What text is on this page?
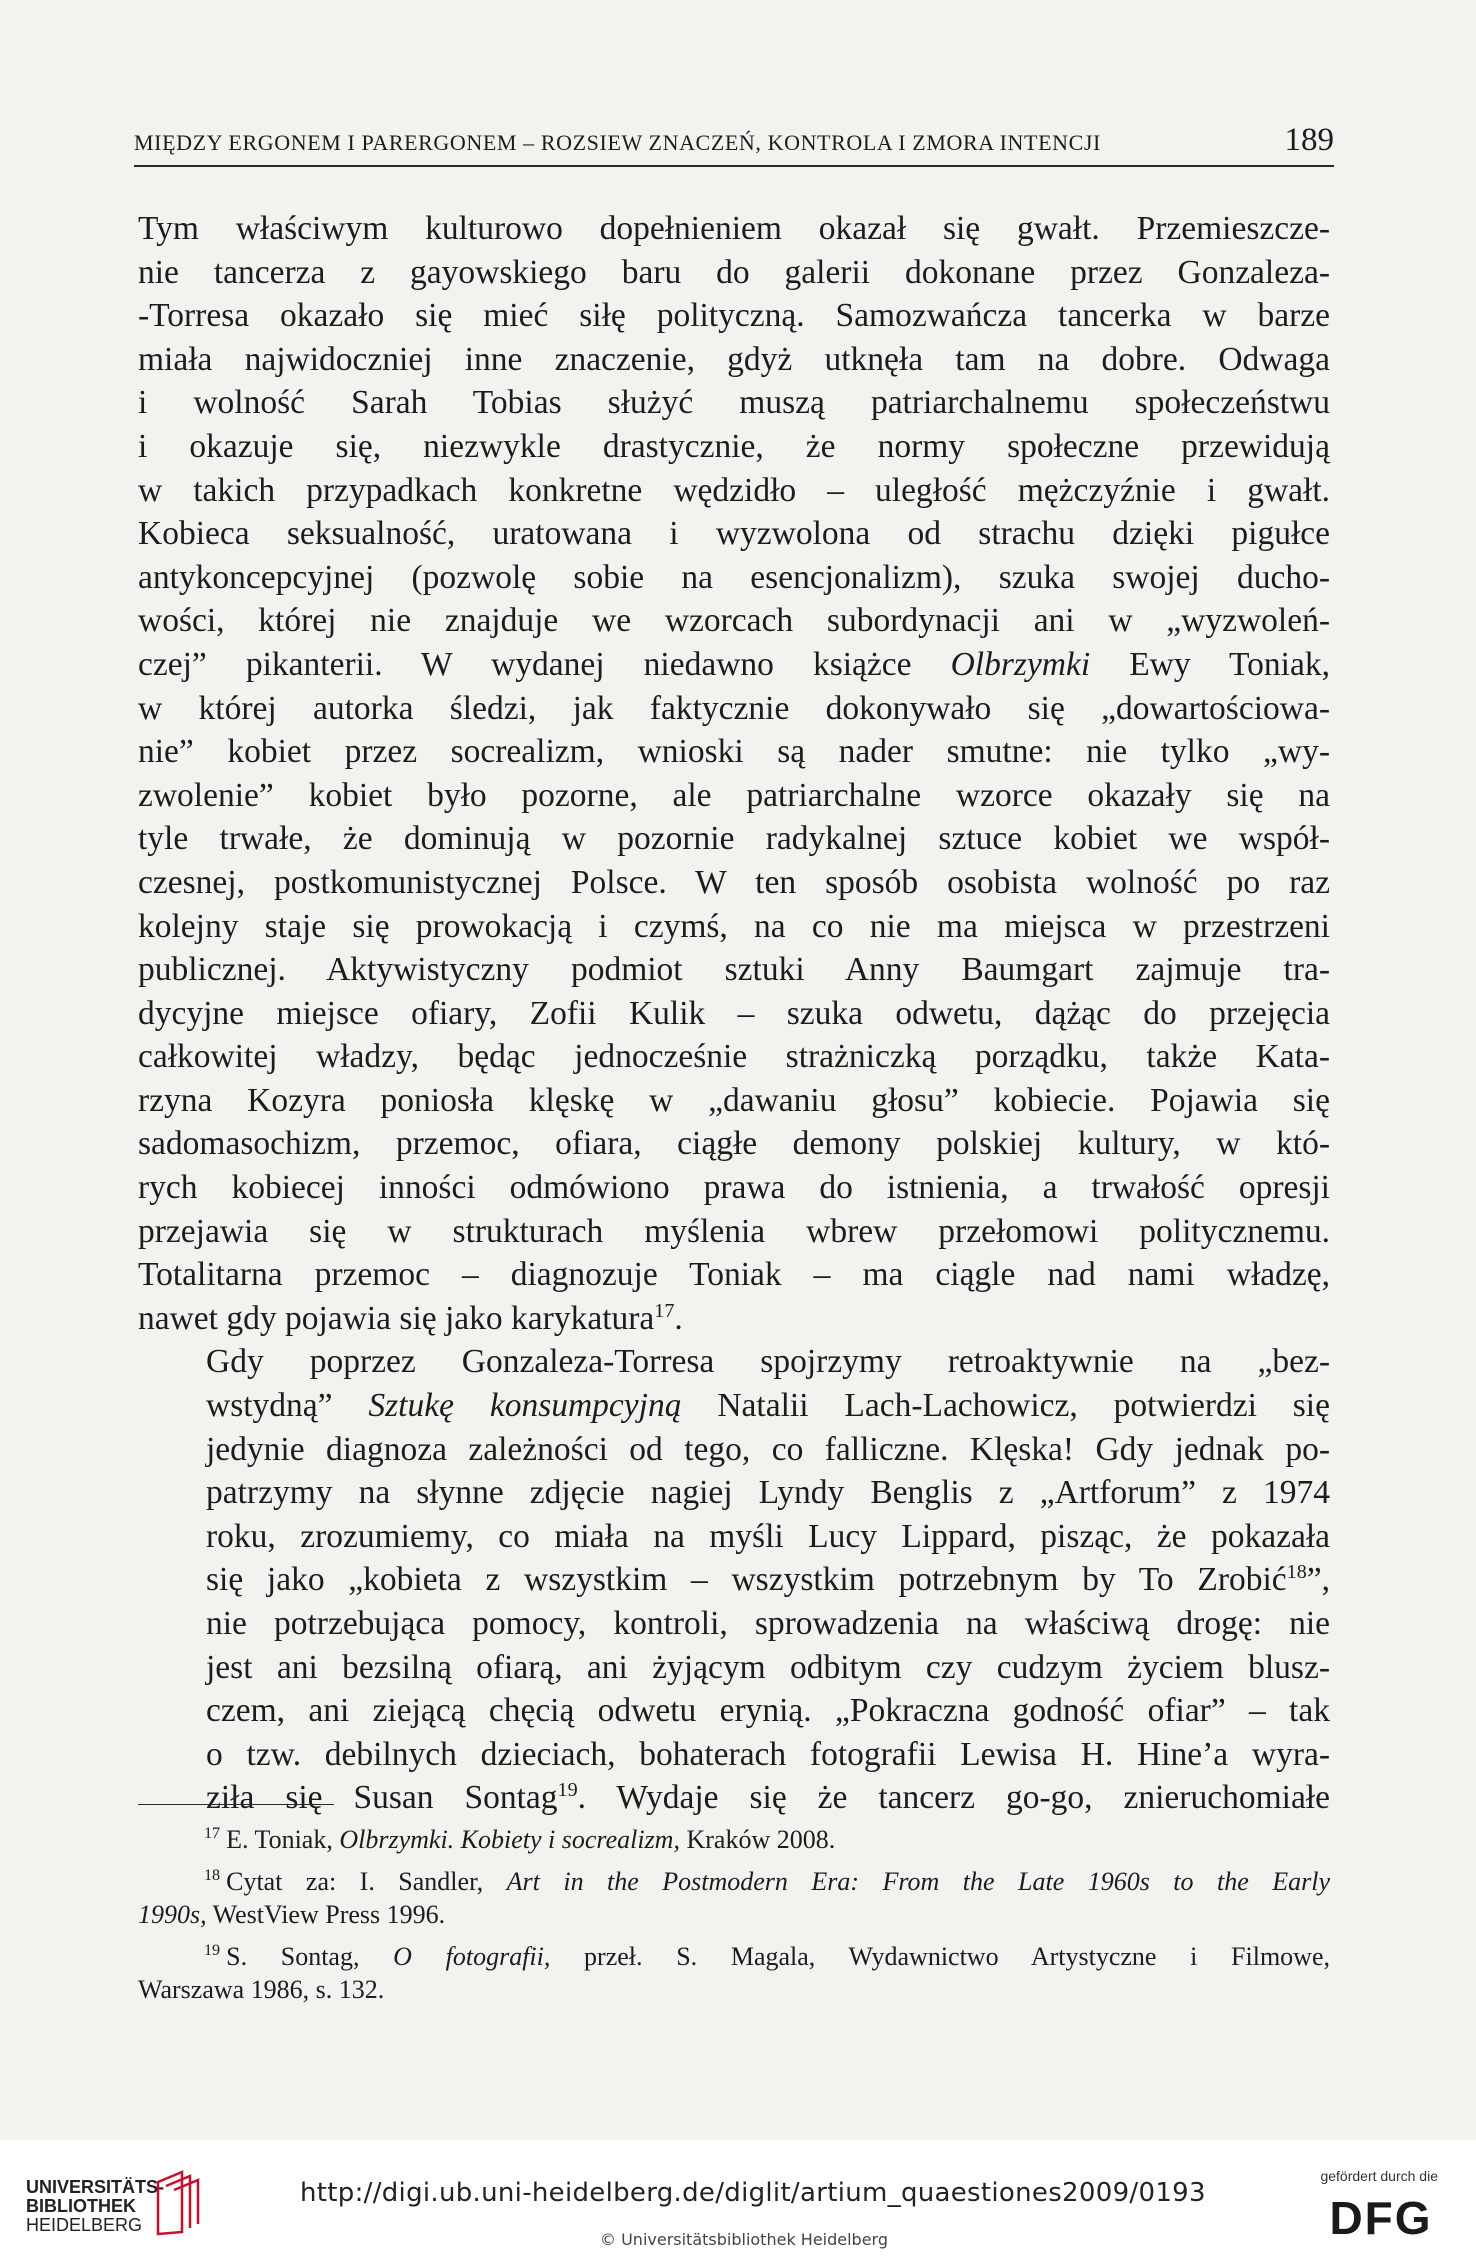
MIĘDZY ERGONEM I PARERGONEM – ROZSIEW ZNACZEŃ, KONTROLA I ZMORA INTENCJI	189

Tym właściwym kulturowo dopełnieniem okazał się gwałt. Przemieszcze-
nie tancerza z gayowskiego baru do galerii dokonane przez Gonzaleza-
-Torresa okazało się mieć siłę polityczną. Samozwańcza tancerka w barze
miała najwidoczniej inne znaczenie, gdyż utknęła tam na dobre. Odwaga
i wolność Sarah Tobias służyć muszą patriarchalnemu społeczeństwu
i okazuje się, niezwykle drastycznie, że normy społeczne przewidują
w takich przypadkach konkretne wędzidło – uległość mężczyźnie i gwałt.
Kobieca seksualność, uratowana i wyzwolona od strachu dzięki pigułce
antykoncepcyjnej (pozwolę sobie na esencjonalizm), szuka swojej ducho-
wości, której nie znajduje we wzorcach subordynacji ani w „wyzwoleń-
czej” pikanterii. W wydanej niedawno książce Olbrzymki Ewy Toniak,
w której autorka śledzi, jak faktycznie dokonywało się „dowartościowa-
nie” kobiet przez socrealizm, wnioski są nader smutne: nie tylko „wy-
zwolenie” kobiet było pozorne, ale patriarchalne wzorce okazały się na
tyle trwałe, że dominują w pozornie radykalnej sztuce kobiet we współ-
czesnej, postkomunistycznej Polsce. W ten sposób osobista wolność po raz
kolejny staje się prowokacją i czymś, na co nie ma miejsca w przestrzeni
publicznej. Aktywistyczny podmiot sztuki Anny Baumgart zajmuje tra-
dycyjne miejsce ofiary, Zofii Kulik – szuka odwetu, dążąc do przejęcia
całkowitej władzy, będąc jednocześnie strażniczką porządku, także Kata-
rzyna Kozyra poniosła klęskę w „dawaniu głosu” kobiecie. Pojawia się
sadomasochizm, przemoc, ofiara, ciągłe demony polskiej kultury, w któ-
rych kobiecej inności odmówiono prawa do istnienia, a trwałość opresji
przejawia się w strukturach myślenia wbrew przełomowi politycznemu.
Totalitarna przemoc – diagnozuje Toniak – ma ciągle nad nami władzę,
nawet gdy pojawia się jako karykatura$^{17}$.

Gdy poprzez Gonzaleza-Torresa spojrzymy retroaktywnie na „bez-
wstydną” Sztukę konsumpcyjną Natalii Lach-Lachowicz, potwierdzi się
jedynie diagnoza zależności od tego, co falliczne. Klęska! Gdy jednak po-
patrzymy na słynne zdjęcie nagiej Lyndy Benglis z „Artforum” z 1974
roku, zrozumiemy, co miała na myśli Lucy Lippard, pisząc, że pokazała
się jako „kobieta z wszystkim – wszystkim potrzebnym by To Zrobić$^{18}$”,
nie potrzebująca pomocy, kontroli, sprowadzenia na właściwą drogę: nie
jest ani bezsilną ofiarą, ani żyjącym odbitym czy cudzym życiem blusz-
czem, ani ziejącą chęcią odwetu erynią. „Pokraczna godność ofiar” – tak
o tzw. debilnych dzieciach, bohaterach fotografii Lewisa H. Hine’a wyra-
ziła się Susan Sontag$^{19}$. Wydaje się że tancerz go-go, znieruchomiałe

$^{17}$ E. Toniak, Olbrzymki. Kobiety i socrealizm, Kraków 2008.
$^{18}$ Cytat za: I. Sandler, Art in the Postmodern Era: From the Late 1960s to the Early
1990s, WestView Press 1996.
$^{19}$ S. Sontag, O fotografii, przeł. S. Magala, Wydawnictwo Artystyczne i Filmowe,
Warszawa 1986, s. 132.
UNIVERSITÄTS-
BIBLIOTHEK
HEIDELBERG
http://digi.ub.uni-heidelberg.de/diglit/artium_quaestiones2009/0193
© Universitätsbibliothek Heidelberg
gefördert durch die
DFG
